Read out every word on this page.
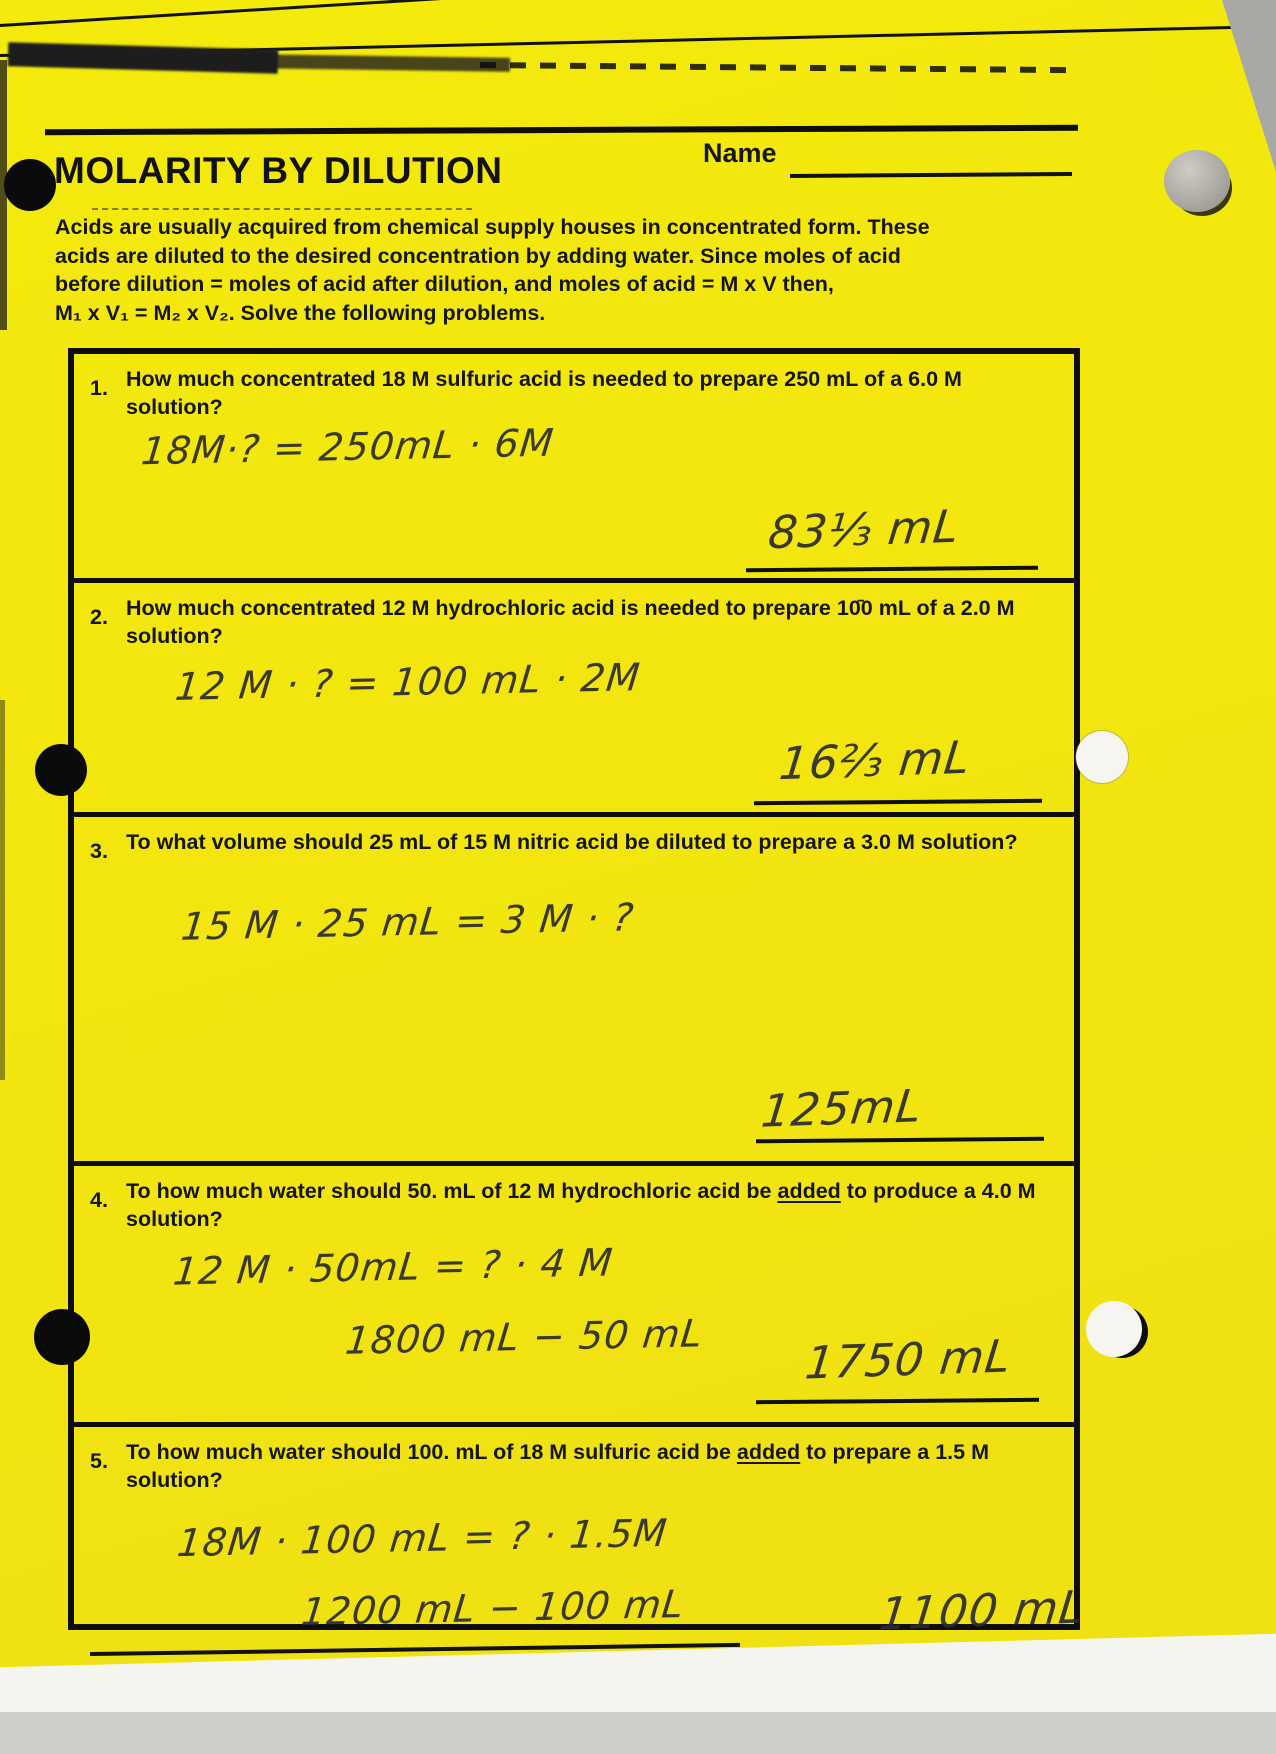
MOLARITY BY DILUTION	Name
Acids are usually acquired from chemical supply houses in concentrated form. These
acids are diluted to the desired concentration by adding water. Since moles of acid
before dilution = moles of acid after dilution, and moles of acid = M x V then,
M₁ x V₁ = M₂ x V₂. Solve the following problems.
1. How much concentrated 18 M sulfuric acid is needed to prepare 250 mL of a 6.0 M solution?
18M·? = 250mL · 6M
83⅓ mL
2. How much concentrated 12 M hydrochloric acid is needed to prepare 10̄0 mL of a 2.0 M solution?
12 M · ? = 100 mL · 2M
16⅔ mL
3. To what volume should 25 mL of 15 M nitric acid be diluted to prepare a 3.0 M solution?
15 M · 25 mL = 3 M · ?
125mL
4. To how much water should 50. mL of 12 M hydrochloric acid be added to produce a 4.0 M solution?
12 M · 50mL = ? · 4 M
1800 mL − 50 mL 1750 mL
5. To how much water should 100. mL of 18 M sulfuric acid be added to prepare a 1.5 M solution?
18M · 100 mL = ? · 1.5M
1200 mL − 100 mL	1100 mL
